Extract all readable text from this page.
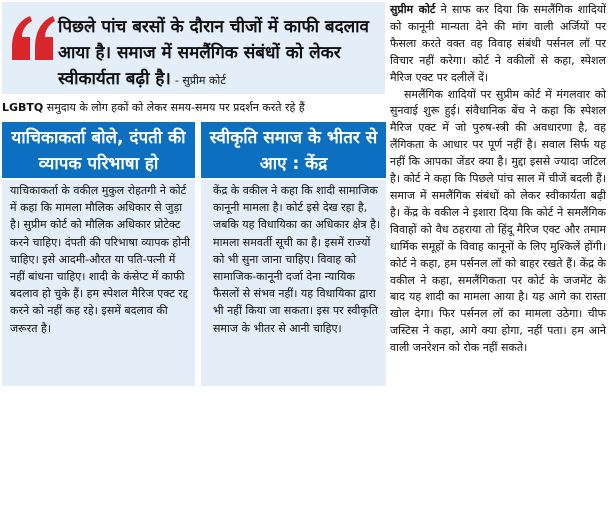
पिछले पांच बरसों के दौरान चीजों में काफी बदलाव आया है। समाज में समलैंगिक संबंधों को लेकर स्वीकार्यता बढ़ी है। - सुप्रीम कोर्ट

LGBTQ समुदाय के लोग हकों को लेकर समय-समय पर प्रदर्शन करते रहे हैं
याचिकाकर्ता बोले, दंपती की व्यापक परिभाषा हो
स्वीकृति समाज के भीतर से आए : केंद्र

याचिकाकर्ता के वकील मुकुल रोहतगी ने कोर्ट में कहा कि मामला मौलिक अधिकार से जुड़ा है। सुप्रीम कोर्ट को मौलिक अधिकार प्रोटेक्ट करने चाहिए। दंपती की परिभाषा व्यापक होनी चाहिए। इसे आदमी-औरत या पति-पत्नी में नहीं बांधना चाहिए। शादी के कंसेप्ट में काफी बदलाव हो चुके हैं। हम स्पेशल मैरिज एक्ट रद्द करने को नहीं कह रहे। इसमें बदलाव की जरूरत है।

केंद्र के वकील ने कहा कि शादी सामाजिक कानूनी मामला है। कोर्ट इसे देख रहा है, जबकि यह विधायिका का अधिकार क्षेत्र है। मामला समवर्ती सूची का है। इसमें राज्यों को भी सुना जाना चाहिए। विवाह को सामाजिक-कानूनी दर्जा देना न्यायिक फैसलों से संभव नहीं। यह विधायिका द्वारा भी नहीं किया जा सकता। इस पर स्वीकृति समाज के भीतर से आनी चाहिए।

सुप्रीम कोर्ट ने साफ कर दिया कि समलैंगिक शादियों को कानूनी मान्यता देने की मांग वाली अर्जियों पर फैसला करते वक्त वह विवाह संबंधी पर्सनल लॉ पर विचार नहीं करेगा। कोर्ट ने वकीलों से कहा, स्पेशल मैरिज एक्ट पर दलीलें दें।

समलैंगिक शादियों पर सुप्रीम कोर्ट में मंगलवार को सुनवाई शुरू हुई। संवैधानिक बेंच ने कहा कि स्पेशल मैरिज एक्ट में जो पुरुष-स्त्री की अवधारणा है, वह लैंगिकता के आधार पर पूर्ण नहीं है। सवाल सिर्फ यह नहीं कि आपका जेंडर क्या है। मुद्दा इससे ज्यादा जटिल है। कोर्ट ने कहा कि पिछले पांच साल में चीजें बदली हैं। समाज में समलैंगिक संबंधों को लेकर स्वीकार्यता बढ़ी है। केंद्र के वकील ने इशारा दिया कि कोर्ट ने समलैंगिक विवाहों को वैध ठहराया तो हिंदू मैरिज एक्ट और तमाम धार्मिक समूहों के विवाह कानूनों के लिए मुश्किलें होंगी। कोर्ट ने कहा, हम पर्सनल लॉ को बाहर रखते हैं। केंद्र के वकील ने कहा, समलैंगिकता पर कोर्ट के जजमेंट के बाद यह शादी का मामला आया है। यह आगे का रास्ता खोल देगा। फिर पर्सनल लॉ का मामला उठेगा। चीफ जस्टिस ने कहा, आगे क्या होगा, नहीं पता। हम आने वाली जनरेशन को रोक नहीं सकते।
